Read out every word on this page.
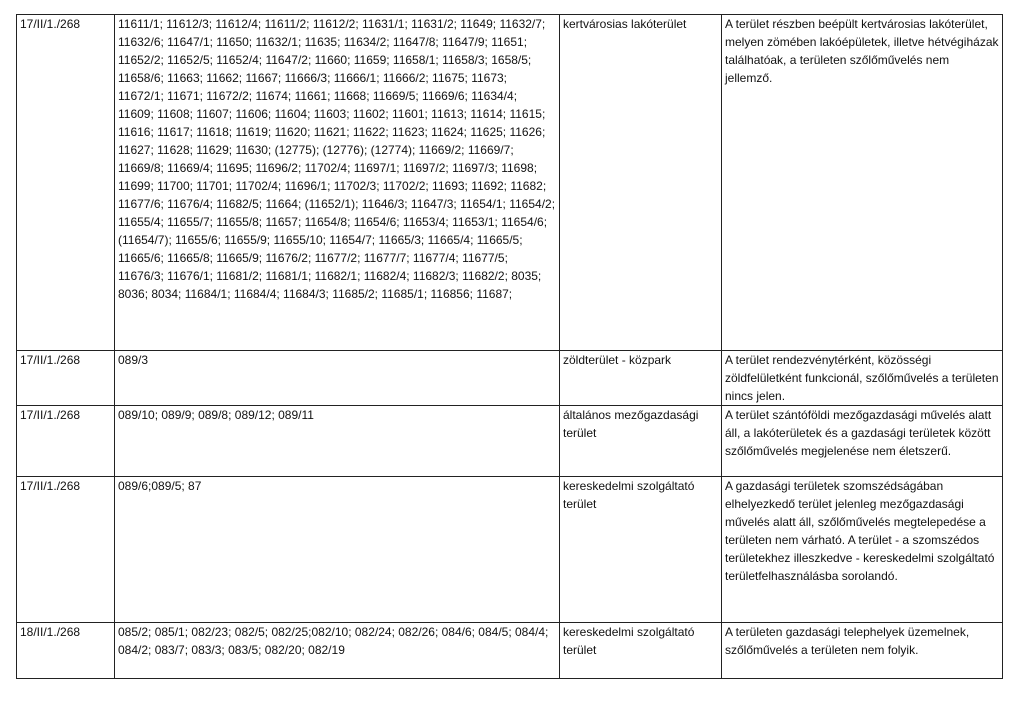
17/II/1./268	11611/1; 11612/3; 11612/4; 11611/2; 11612/2; 11631/1; 11631/2; 11649; 11632/7; 11632/6; 11647/1; 11650; 11632/1; 11635; 11634/2; 11647/8; 11647/9; 11651; 11652/2; 11652/5; 11652/4; 11647/2; 11660; 11659; 11658/1; 11658/3; 1658/5; 11658/6; 11663; 11662; 11667; 11666/3; 11666/1; 11666/2; 11675; 11673; 11672/1; 11671; 11672/2; 11674; 11661; 11668; 11669/5; 11669/6; 11634/4; 11609; 11608; 11607; 11606; 11604; 11603; 11602; 11601; 11613; 11614; 11615; 11616; 11617; 11618; 11619; 11620; 11621; 11622; 11623; 11624; 11625; 11626; 11627; 11628; 11629; 11630; (12775); (12776); (12774); 11669/2; 11669/7; 11669/8; 11669/4; 11695; 11696/2; 11702/4; 11697/1; 11697/2; 11697/3; 11698; 11699; 11700; 11701; 11702/4; 11696/1; 11702/3; 11702/2; 11693; 11692; 11682; 11677/6; 11676/4; 11682/5; 11664; (11652/1); 11646/3; 11647/3; 11654/1; 11654/2; 11655/4; 11655/7; 11655/8; 11657; 11654/8; 11654/6; 11653/4; 11653/1; 11654/6; (11654/7); 11655/6; 11655/9; 11655/10; 11654/7; 11665/3; 11665/4; 11665/5; 11665/6; 11665/8; 11665/9; 11676/2; 11677/2; 11677/7; 11677/4; 11677/5; 11676/3; 11676/1; 11681/2; 11681/1; 11682/1; 11682/4; 11682/3; 11682/2; 8035; 8036; 8034; 11684/1; 11684/4; 11684/3; 11685/2; 11685/1; 116856; 11687;	kertvárosias lakóterület	A terület részben beépült kertvárosias lakóterület, melyen zömében lakóépületek, illetve hétvégiházak találhatóak, a területen szőlőművelés nem jellemző.
17/II/1./268	089/3	zöldterület - közpark	A terület rendezvénytérként, közösségi zöldfelületként funkcionál, szőlőművelés a területen nincs jelen.
17/II/1./268	089/10; 089/9; 089/8; 089/12; 089/11	általános mezőgazdasági terület	A terület szántóföldi mezőgazdasági művelés alatt áll, a lakóterületek és a gazdasági területek között szőlőművelés megjelenése nem életszerű.
17/II/1./268	089/6;089/5; 87	kereskedelmi szolgáltató terület	A gazdasági területek szomszédságában elhelyezkedő terület jelenleg mezőgazdasági művelés alatt áll, szőlőművelés megtelepedése a területen nem várható. A terület - a szomszédos területekhez illeszkedve - kereskedelmi szolgáltató területfelhasználásba sorolandó.
18/II/1./268	085/2; 085/1; 082/23; 082/5; 082/25;082/10; 082/24; 082/26; 084/6; 084/5; 084/4; 084/2; 083/7; 083/3; 083/5; 082/20; 082/19	kereskedelmi szolgáltató terület	A területen gazdasági telephelyek üzemelnek, szőlőművelés a területen nem folyik.
